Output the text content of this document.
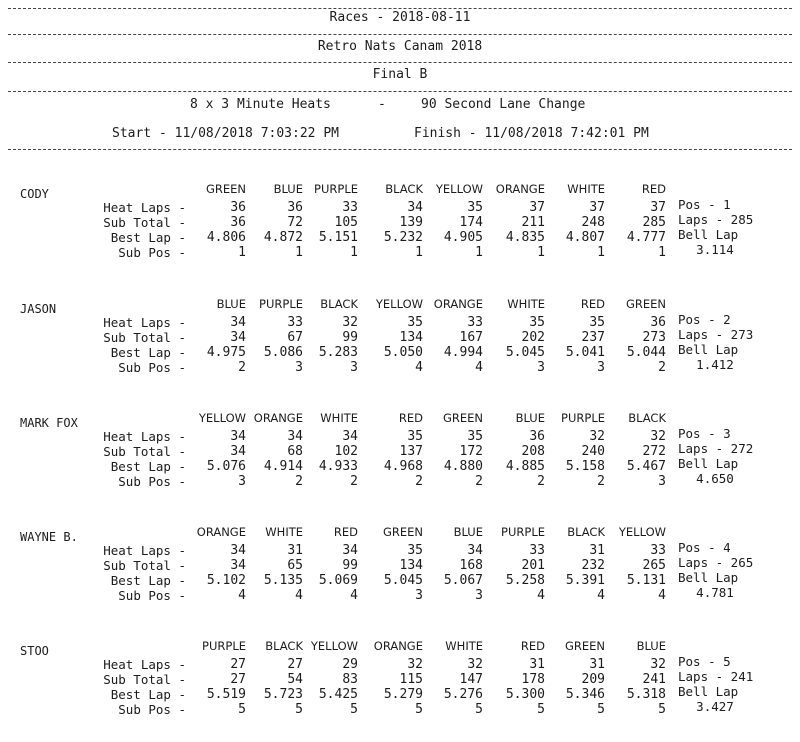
Races - 2018-08-11
Retro Nats Canam 2018
Final B
8 x 3 Minute Heats	-	90 Second Lane Change
Start - 11/08/2018 7:03:22 PM	Finish - 11/08/2018 7:42:01 PM
CODY	GREEN	BLUE PURPLE	BLACK	YELLOW	ORANGE	WHITE	RED
Heat Laps -	36	36	33	34	35	37	37	37
Sub Total -	36	72	105	139	174	211	248	285
Best Lap -	4.806	4.872	5.151	5.232	4.905	4.835	4.807	4.777
Sub Pos -	1	1	1	1	1	1	1	1
Pos - 1
Laps - 285
Bell Lap
3.114
JASON	BLUE	PURPLE	BLACK	YELLOW ORANGE	WHITE	RED	GREEN
Heat Laps -	34	33	32	35	33	35	35	36
Sub Total -	34	67	99	134	167	202	237	273
Best Lap -	4.975	5.086	5.283	5.050	4.994	5.045	5.041	5.044
Sub Pos -	2	3	3	4	4	3	3	2
Pos - 2
Laps - 273
Bell Lap
1.412
MARK FOX	YELLOW ORANGE	WHITE	RED	GREEN	BLUE	PURPLE	BLACK
Heat Laps -	34	34	34	35	35	36	32	32
Sub Total -	34	68	102	137	172	208	240	272
Best Lap -	5.076	4.914	4.933	4.968	4.880	4.885	5.158	5.467
Sub Pos -	3	2	2	2	2	2	2	3
Pos - 3
Laps - 272
Bell Lap
4.650
WAYNE B.	ORANGE	WHITE	RED	GREEN	BLUE	PURPLE	BLACK	YELLOW
Heat Laps -	34	31	34	35	34	33	31	33
Sub Total -	34	65	99	134	168	201	232	265
Best Lap -	5.102	5.135	5.069	5.045	5.067	5.258	5.391	5.131
Sub Pos -	4	4	4	3	3	4	4	4
Pos - 4
Laps - 265
Bell Lap
4.781
STOO	PURPLE	BLACK YELLOW	ORANGE	WHITE	RED	GREEN	BLUE
Heat Laps -	27	27	29	32	32	31	31	32
Sub Total -	27	54	83	115	147	178	209	241
Best Lap -	5.519	5.723	5.425	5.279	5.276	5.300	5.346	5.318
Sub Pos -	5	5	5	5	5	5	5	5
Pos - 5
Laps - 241
Bell Lap
3.427
